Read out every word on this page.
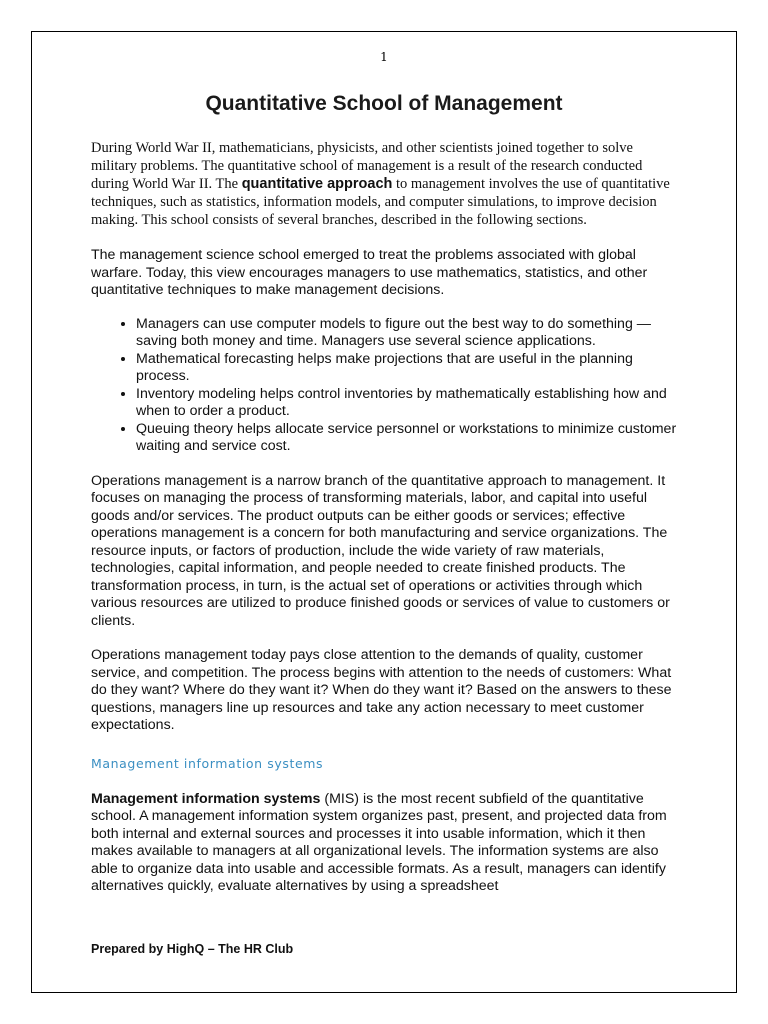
1
Quantitative School of Management

During World War II, mathematicians, physicists, and other scientists joined together to solve military problems. The quantitative school of management is a result of the research conducted during World War II. The quantitative approach to management involves the use of quantitative techniques, such as statistics, information models, and computer simulations, to improve decision making. This school consists of several branches, described in the following sections.

The management science school emerged to treat the problems associated with global warfare. Today, this view encourages managers to use mathematics, statistics, and other quantitative techniques to make management decisions.

• Managers can use computer models to figure out the best way to do something — saving both money and time. Managers use several science applications.
• Mathematical forecasting helps make projections that are useful in the planning process.
• Inventory modeling helps control inventories by mathematically establishing how and when to order a product.
• Queuing theory helps allocate service personnel or workstations to minimize customer waiting and service cost.

Operations management is a narrow branch of the quantitative approach to management. It focuses on managing the process of transforming materials, labor, and capital into useful goods and/or services. The product outputs can be either goods or services; effective operations management is a concern for both manufacturing and service organizations. The resource inputs, or factors of production, include the wide variety of raw materials, technologies, capital information, and people needed to create finished products. The transformation process, in turn, is the actual set of operations or activities through which various resources are utilized to produce finished goods or services of value to customers or clients.

Operations management today pays close attention to the demands of quality, customer service, and competition. The process begins with attention to the needs of customers: What do they want? Where do they want it? When do they want it? Based on the answers to these questions, managers line up resources and take any action necessary to meet customer expectations.

Management information systems

Management information systems (MIS) is the most recent subfield of the quantitative school. A management information system organizes past, present, and projected data from both internal and external sources and processes it into usable information, which it then makes available to managers at all organizational levels. The information systems are also able to organize data into usable and accessible formats. As a result, managers can identify alternatives quickly, evaluate alternatives by using a spreadsheet

Prepared by HighQ – The HR Club
